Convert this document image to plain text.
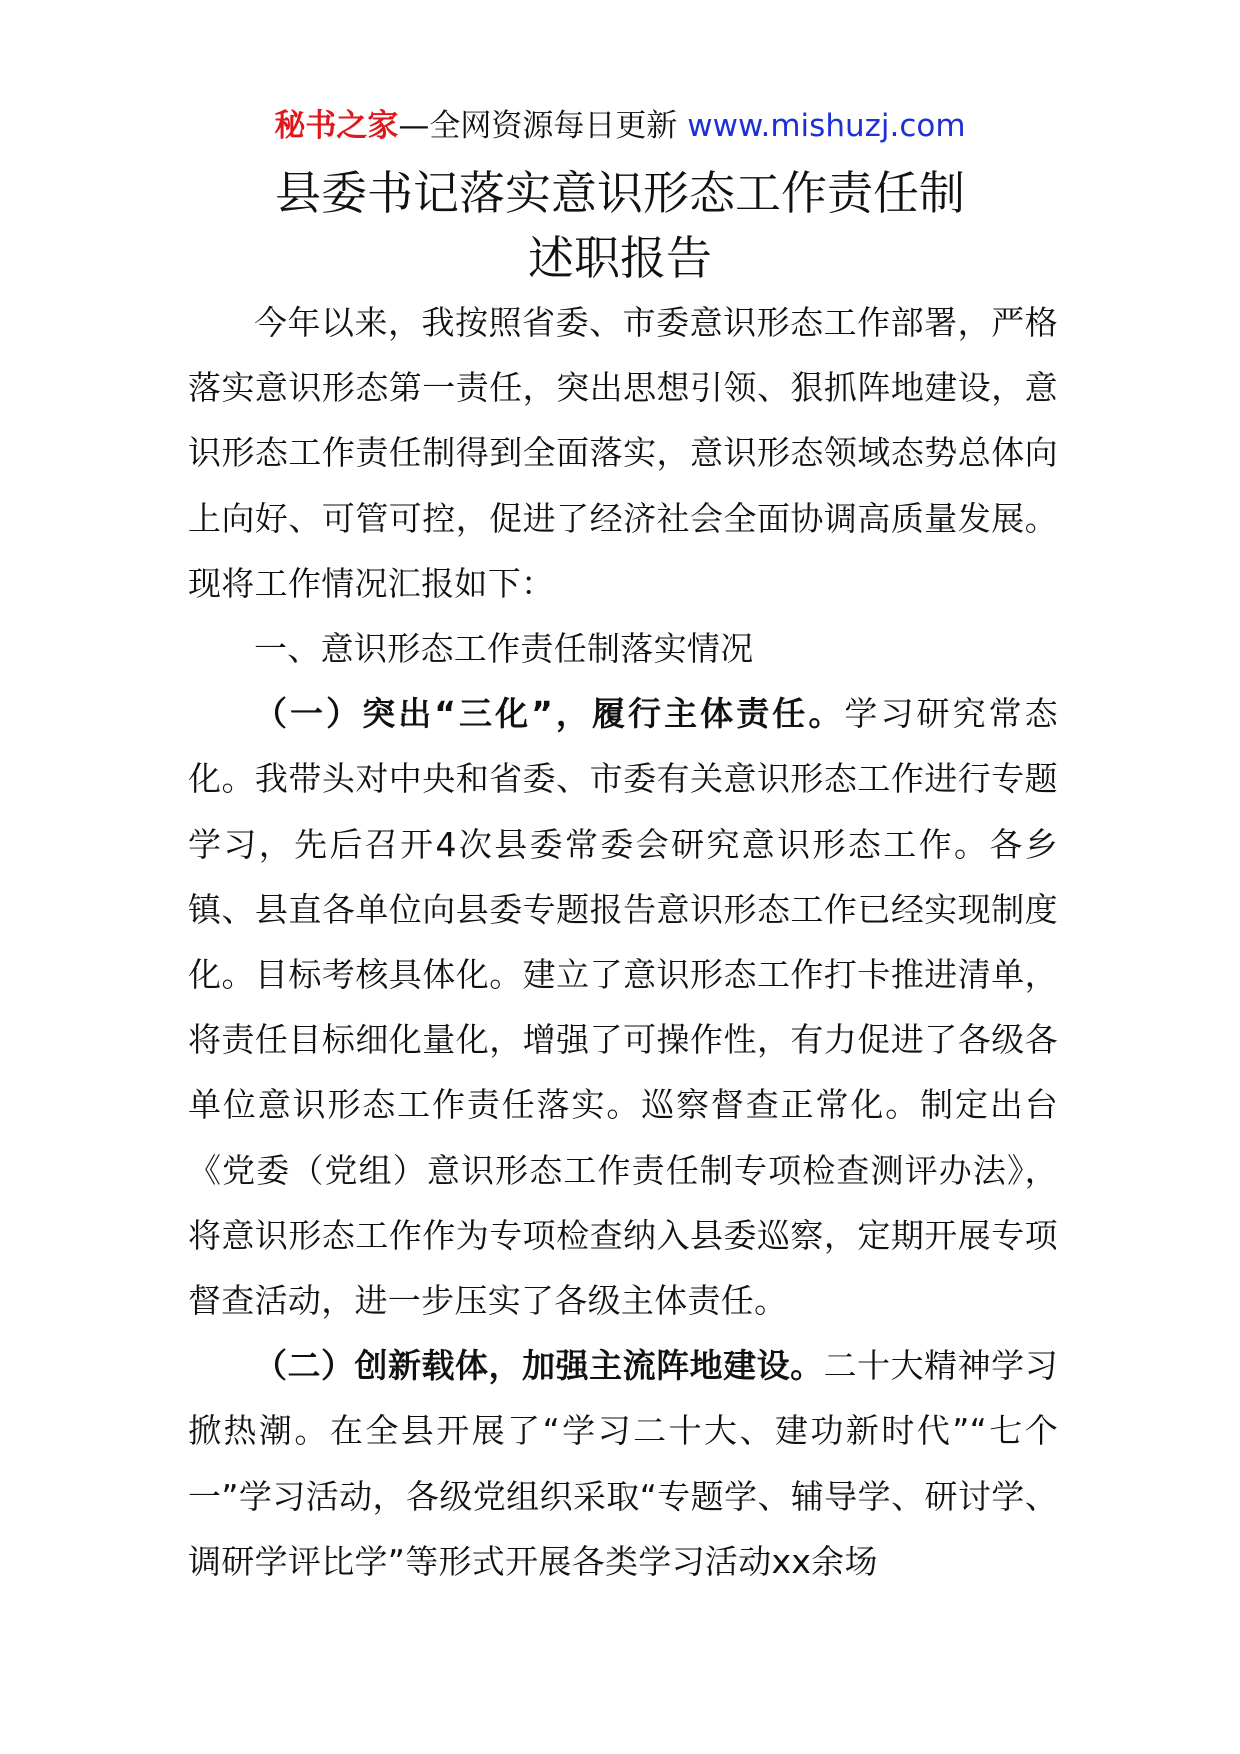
秘书之家—全网资源每日更新 www.mishuzj.com
县委书记落实意识形态工作责任制
述职报告

今年以来，我按照省委、市委意识形态工作部署，严格落实意识形态第一责任，突出思想引领、狠抓阵地建设，意识形态工作责任制得到全面落实，意识形态领域态势总体向上向好、可管可控，促进了经济社会全面协调高质量发展。现将工作情况汇报如下：

一、意识形态工作责任制落实情况

（一）突出“三化”，履行主体责任。学习研究常态化。我带头对中央和省委、市委有关意识形态工作进行专题学习，先后召开4次县委常委会研究意识形态工作。各乡镇、县直各单位向县委专题报告意识形态工作已经实现制度化。目标考核具体化。建立了意识形态工作打卡推进清单，将责任目标细化量化，增强了可操作性，有力促进了各级各单位意识形态工作责任落实。巡察督查正常化。制定出台《党委（党组）意识形态工作责任制专项检查测评办法》，将意识形态工作作为专项检查纳入县委巡察，定期开展专项督查活动，进一步压实了各级主体责任。

（二）创新载体，加强主流阵地建设。二十大精神学习掀热潮。在全县开展了“学习二十大、建功新时代”“七个一”学习活动，各级党组织采取“专题学、辅导学、研讨学、调研学评比学”等形式开展各类学习活动xx余场
